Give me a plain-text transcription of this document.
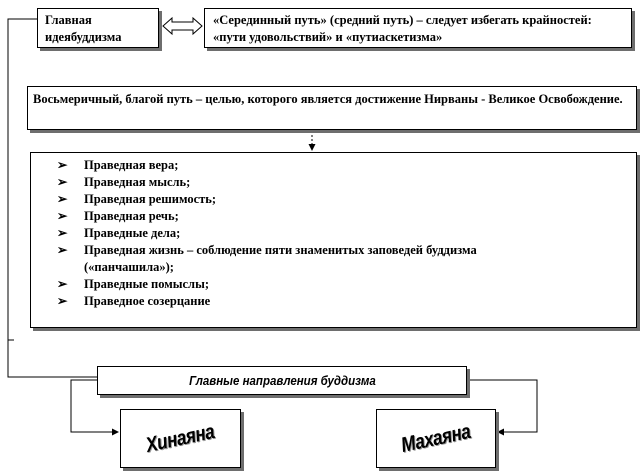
Главная идеябуддизма
«Серединный путь» (средний путь) – следует избегать крайностей: «пути удовольствий» и «путиаскетизма»
Восьмеричный, благой путь – целью, которого является достижение Нирваны - Великое Освобождение.
➢ Праведная вера;
➢ Праведная мысль;
➢ Праведная решимость;
➢ Праведная речь;
➢ Праведные дела;
➢ Праведная жизнь – соблюдение пяти знаменитых заповедей буддизма («панчашила»);
➢ Праведные помыслы;
➢ Праведное созерцание
Главные направления буддизма
Хинаяна	Махаяна
